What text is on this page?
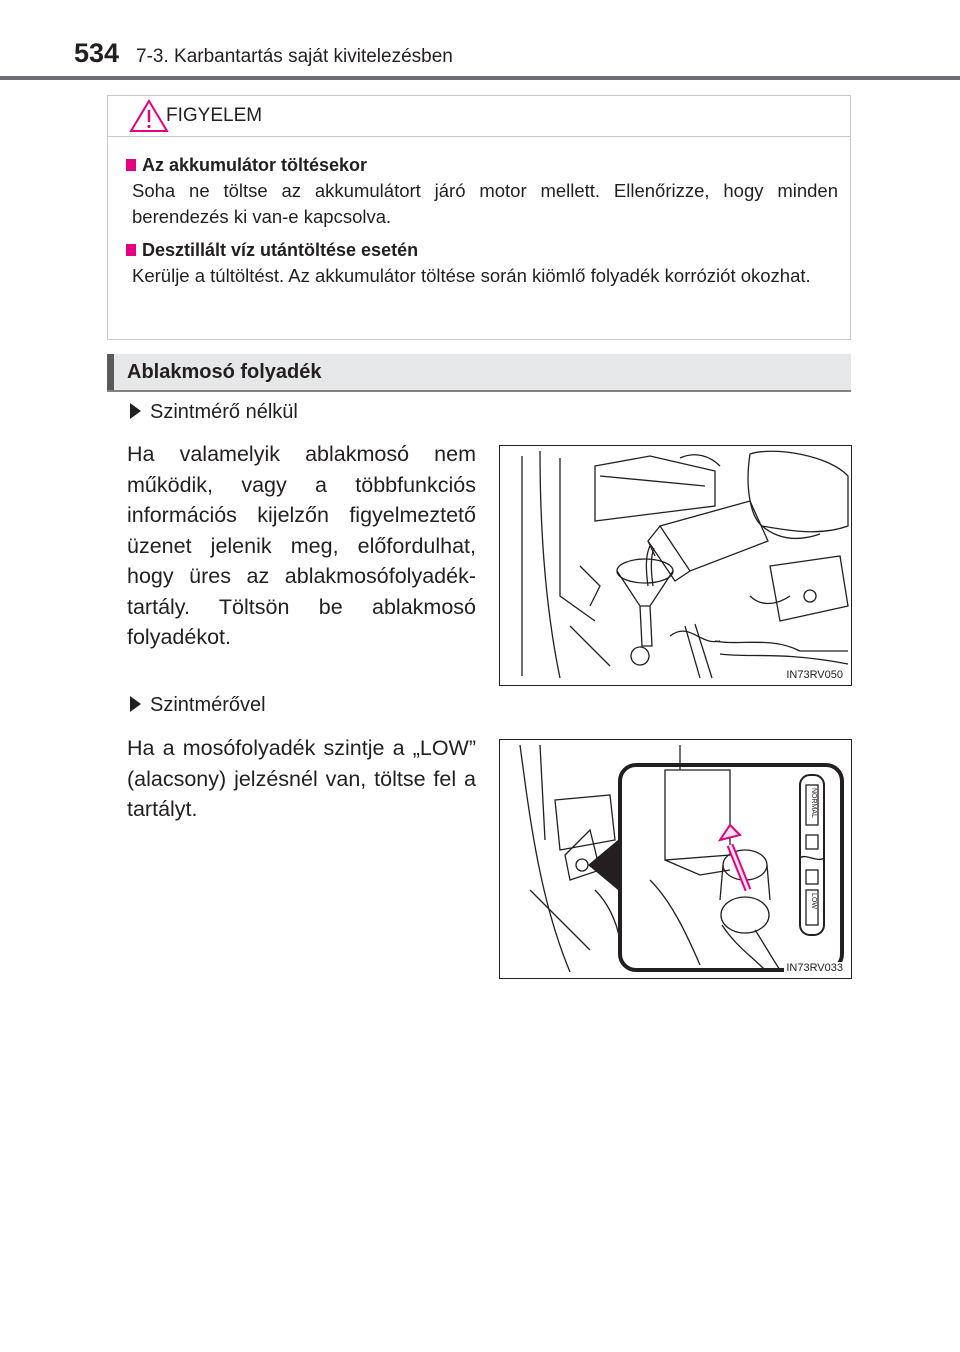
534 7-3. Karbantartás saját kivitelezésben
FIGYELEM
Az akkumulátor töltésekor
Soha ne töltse az akkumulátort járó motor mellett. Ellenőrizze, hogy minden berendezés ki van-e kapcsolva.
Desztillált víz utántöltése esetén
Kerülje a túltöltést. Az akkumulátor töltése során kiömlő folyadék korróziót okozhat.
Ablakmosó folyadék
Szintmérő nélkül
Ha valamelyik ablakmosó nem működik, vagy a többfunkciós információs kijelzőn figyelmeztető üzenet jelenik meg, előfordulhat, hogy üres az ablakmosófolyadék-tartály. Töltsön be ablakmosó folyadékot.
IN73RV050
Szintmérővel
Ha a mosófolyadék szintje a „LOW” (alacsony) jelzésnél van, töltse fel a tartályt.	NORMAL
LOW
IN73RV033
